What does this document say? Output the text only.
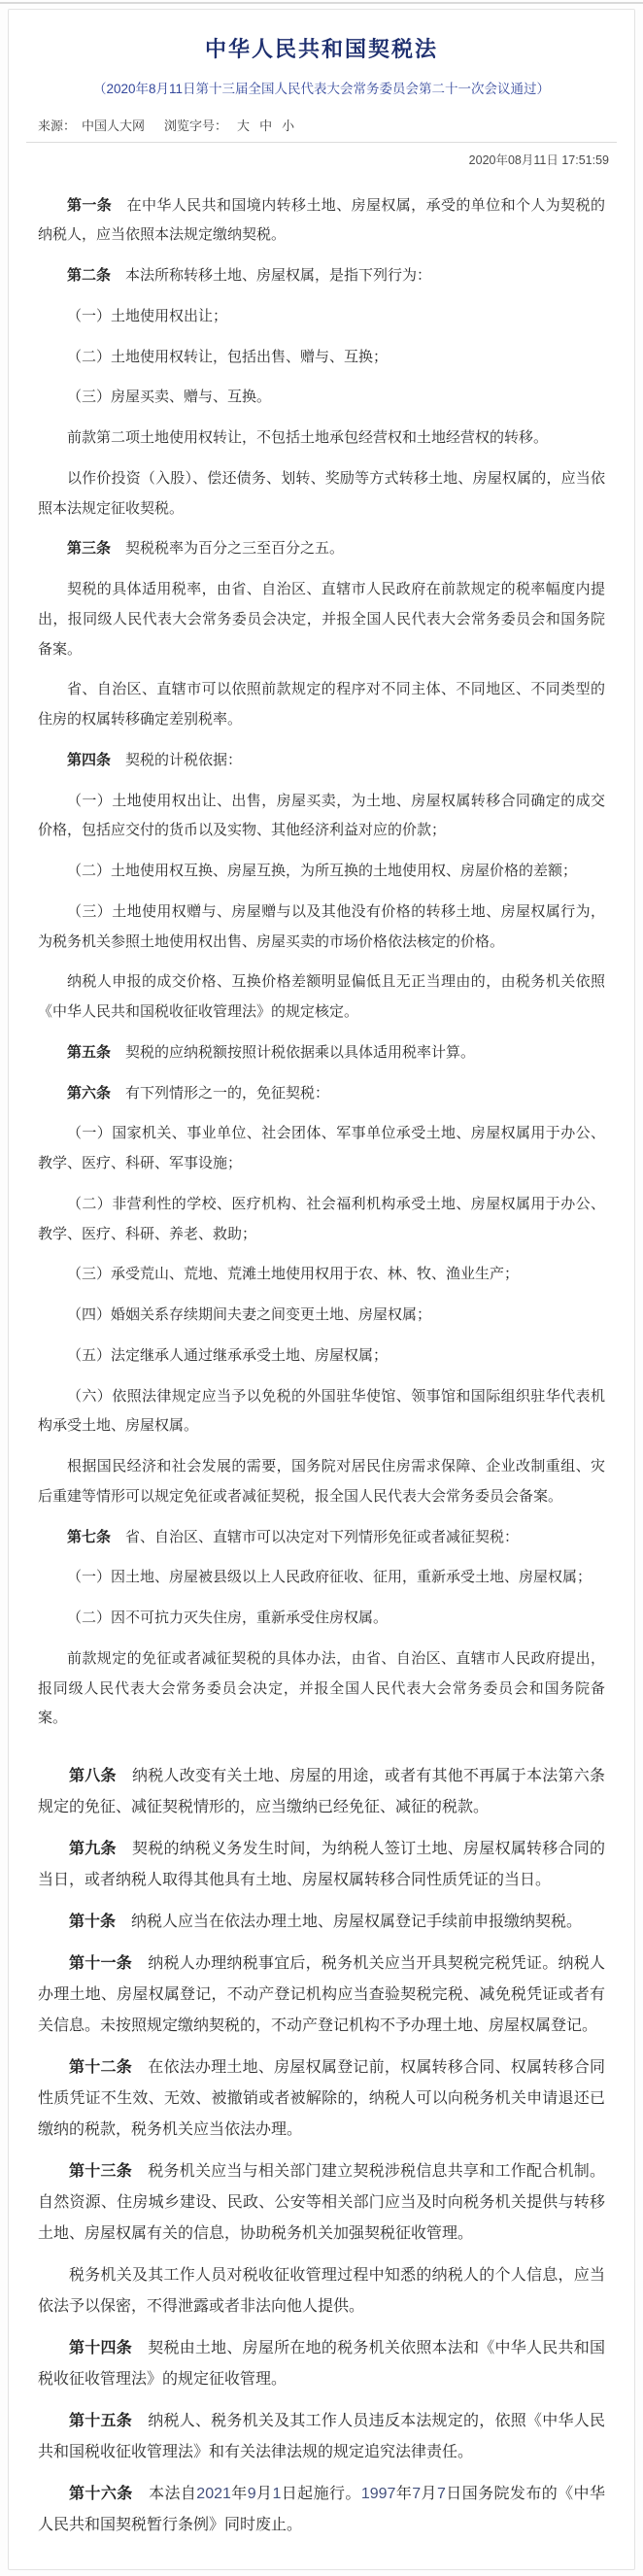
中华人民共和国契税法
（2020年8月11日第十三届全国人民代表大会常务委员会第二十一次会议通过）
来源： 中国人大网 浏览字号： 大 中 小
2020年08月11日 17:51:59

第一条　 在中华人民共和国境内转移土地、房屋权属，承受的单位和个人为契税的纳税人，应当依照本法规定缴纳契税。

第二条　 本法所称转移土地、房屋权属，是指下列行为：

（一）土地使用权出让；

（二）土地使用权转让，包括出售、赠与、互换；

（三）房屋买卖、赠与、互换。

前款第二项土地使用权转让，不包括土地承包经营权和土地经营权的转移。

以作价投资（入股）、偿还债务、划转、奖励等方式转移土地、房屋权属的，应当依照本法规定征收契税。

第三条　 契税税率为百分之三至百分之五。

契税的具体适用税率，由省、自治区、直辖市人民政府在前款规定的税率幅度内提出，报同级人民代表大会常务委员会决定，并报全国人民代表大会常务委员会和国务院备案。

省、自治区、直辖市可以依照前款规定的程序对不同主体、不同地区、不同类型的住房的权属转移确定差别税率。

第四条　 契税的计税依据：

（一）土地使用权出让、出售，房屋买卖，为土地、房屋权属转移合同确定的成交价格，包括应交付的货币以及实物、其他经济利益对应的价款；

（二）土地使用权互换、房屋互换，为所互换的土地使用权、房屋价格的差额；

（三）土地使用权赠与、房屋赠与以及其他没有价格的转移土地、房屋权属行为，为税务机关参照土地使用权出售、房屋买卖的市场价格依法核定的价格。

纳税人申报的成交价格、互换价格差额明显偏低且无正当理由的，由税务机关依照《中华人民共和国税收征收管理法》的规定核定。

第五条　 契税的应纳税额按照计税依据乘以具体适用税率计算。

第六条　 有下列情形之一的，免征契税：

（一）国家机关、事业单位、社会团体、军事单位承受土地、房屋权属用于办公、教学、医疗、科研、军事设施；

（二）非营利性的学校、医疗机构、社会福利机构承受土地、房屋权属用于办公、教学、医疗、科研、养老、救助；

（三）承受荒山、荒地、荒滩土地使用权用于农、林、牧、渔业生产；

（四）婚姻关系存续期间夫妻之间变更土地、房屋权属；

（五）法定继承人通过继承承受土地、房屋权属；

（六）依照法律规定应当予以免税的外国驻华使馆、领事馆和国际组织驻华代表机构承受土地、房屋权属。

根据国民经济和社会发展的需要，国务院对居民住房需求保障、企业改制重组、灾后重建等情形可以规定免征或者减征契税，报全国人民代表大会常务委员会备案。

第七条　 省、自治区、直辖市可以决定对下列情形免征或者减征契税：

（一）因土地、房屋被县级以上人民政府征收、征用，重新承受土地、房屋权属；

（二）因不可抗力灭失住房，重新承受住房权属。

前款规定的免征或者减征契税的具体办法，由省、自治区、直辖市人民政府提出，报同级人民代表大会常务委员会决定，并报全国人民代表大会常务委员会和国务院备案。

第八条　 纳税人改变有关土地、房屋的用途，或者有其他不再属于本法第六条规定的免征、减征契税情形的，应当缴纳已经免征、减征的税款。

第九条　 契税的纳税义务发生时间，为纳税人签订土地、房屋权属转移合同的当日，或者纳税人取得其他具有土地、房屋权属转移合同性质凭证的当日。

第十条　 纳税人应当在依法办理土地、房屋权属登记手续前申报缴纳契税。

第十一条　 纳税人办理纳税事宜后，税务机关应当开具契税完税凭证。纳税人办理土地、房屋权属登记，不动产登记机构应当查验契税完税、减免税凭证或者有关信息。未按照规定缴纳契税的，不动产登记机构不予办理土地、房屋权属登记。

第十二条　 在依法办理土地、房屋权属登记前，权属转移合同、权属转移合同性质凭证不生效、无效、被撤销或者被解除的，纳税人可以向税务机关申请退还已缴纳的税款，税务机关应当依法办理。

第十三条　 税务机关应当与相关部门建立契税涉税信息共享和工作配合机制。自然资源、住房城乡建设、民政、公安等相关部门应当及时向税务机关提供与转移土地、房屋权属有关的信息，协助税务机关加强契税征收管理。

税务机关及其工作人员对税收征收管理过程中知悉的纳税人的个人信息，应当依法予以保密，不得泄露或者非法向他人提供。

第十四条　 契税由土地、房屋所在地的税务机关依照本法和《中华人民共和国税收征收管理法》的规定征收管理。

第十五条　 纳税人、税务机关及其工作人员违反本法规定的，依照《中华人民共和国税收征收管理法》和有关法律法规的规定追究法律责任。

第十六条　 本法自2021年9月1日起施行。1997年7月7日国务院发布的《中华人民共和国契税暂行条例》同时废止。
